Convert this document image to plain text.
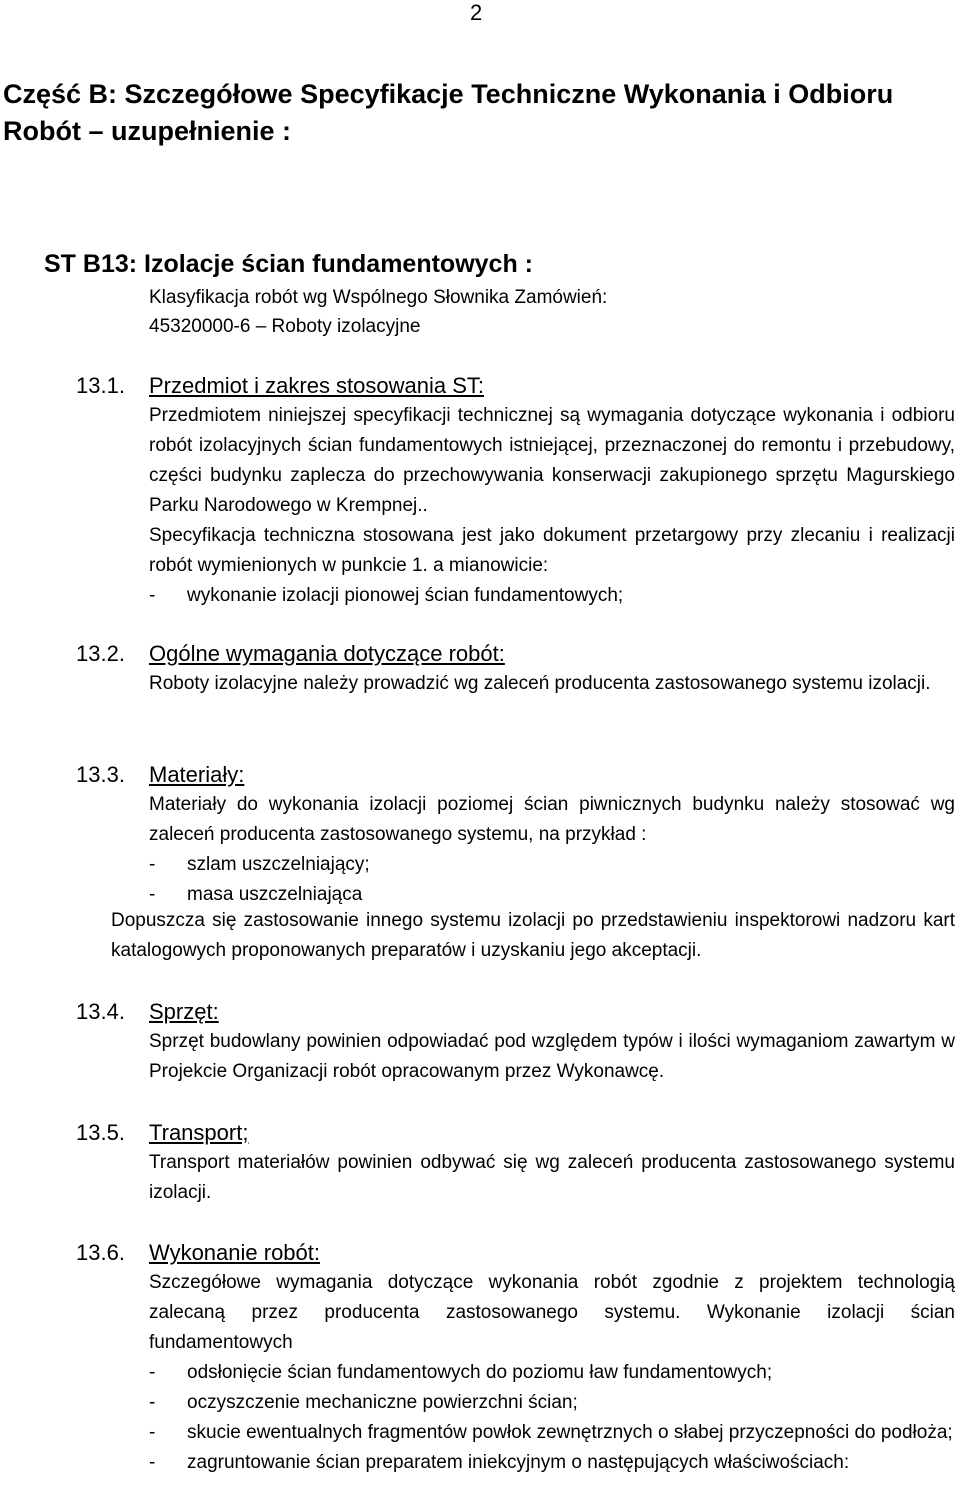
2
Część B: Szczegółowe Specyfikacje Techniczne Wykonania i Odbioru Robót – uzupełnienie :
ST B13: Izolacje ścian fundamentowych :
Klasyfikacja robót wg Wspólnego Słownika Zamówień:
45320000-6 – Roboty izolacyjne
13.1. Przedmiot i zakres stosowania ST:

Przedmiotem niniejszej specyfikacji technicznej są wymagania dotyczące wykonania i odbioru robót izolacyjnych ścian fundamentowych istniejącej, przeznaczonej do remontu i przebudowy, części budynku zaplecza do przechowywania konserwacji zakupionego sprzętu Magurskiego Parku Narodowego w Krempnej..

Specyfikacja techniczna stosowana jest jako dokument przetargowy przy zlecaniu i realizacji robót wymienionych w punkcie 1. a mianowicie:

- wykonanie izolacji pionowej ścian fundamentowych;

13.2. Ogólne wymagania dotyczące robót:

Roboty izolacyjne należy prowadzić wg zaleceń producenta zastosowanego systemu izolacji.

13.3. Materiały:

Materiały do wykonania izolacji poziomej ścian piwnicznych budynku należy stosować wg zaleceń producenta zastosowanego systemu, na przykład :

- szlam uszczelniający;

- masa uszczelniająca

Dopuszcza się zastosowanie innego systemu izolacji po przedstawieniu inspektorowi nadzoru kart katalogowych proponowanych preparatów i uzyskaniu jego akceptacji.

13.4. Sprzęt:

Sprzęt budowlany powinien odpowiadać pod względem typów i ilości wymaganiom zawartym w Projekcie Organizacji robót opracowanym przez Wykonawcę.

13.5. Transport;

Transport materiałów powinien odbywać się wg zaleceń producenta zastosowanego systemu izolacji.

13.6. Wykonanie robót:

Szczegółowe wymagania dotyczące wykonania robót zgodnie z projektem technologią zalecaną przez producenta zastosowanego systemu. Wykonanie izolacji ścian fundamentowych

- odsłonięcie ścian fundamentowych do poziomu ław fundamentowych;

- oczyszczenie mechaniczne powierzchni ścian;

- skucie ewentualnych fragmentów powłok zewnętrznych o słabej przyczepności do podłoża;

- zagruntowanie ścian preparatem iniekcyjnym o następujących właściwościach:
